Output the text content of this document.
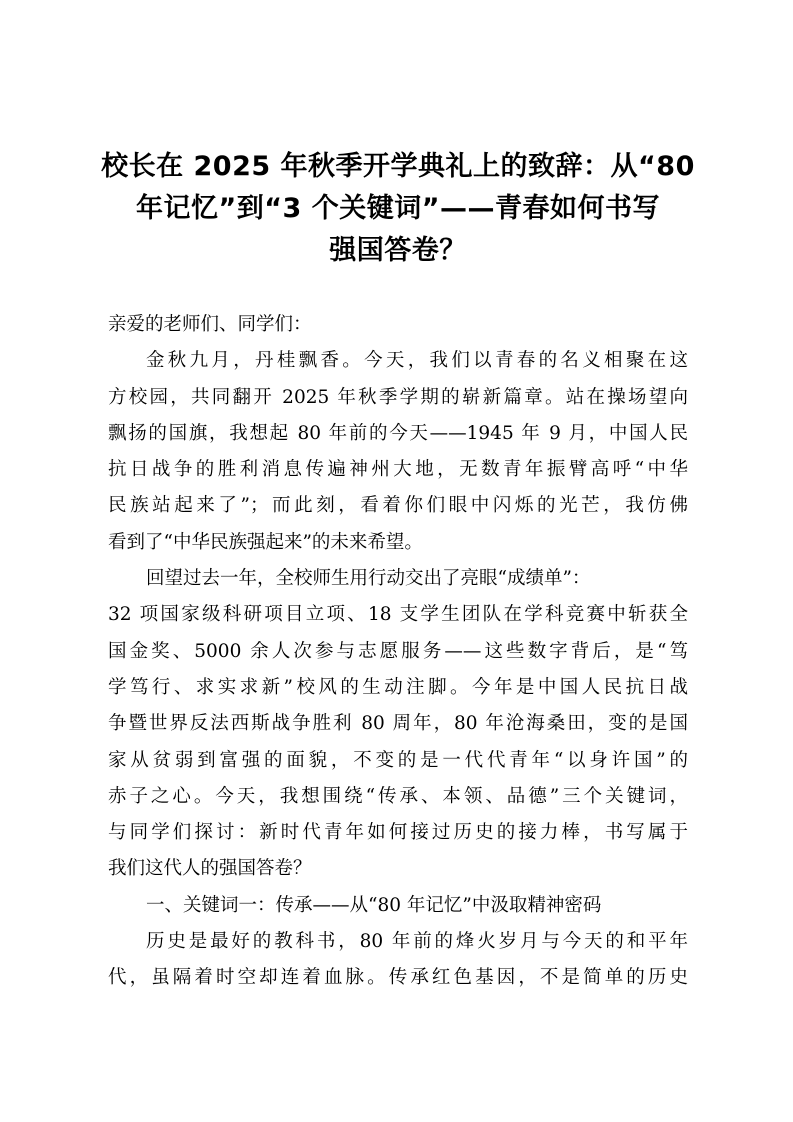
校长在 2025 年秋季开学典礼上的致辞：从“80
年记忆”到“3 个关键词”——青春如何书写
强国答卷？
亲爱的老师们、同学们：
金秋九月，丹桂飘香。今天，我们以青春的名义相聚在这
方校园，共同翻开 2025 年秋季学期的崭新篇章。站在操场望向
飘扬的国旗，我想起 80 年前的今天——1945 年 9 月，中国人民
抗日战争的胜利消息传遍神州大地，无数青年振臂高呼“中华
民族站起来了”；而此刻，看着你们眼中闪烁的光芒，我仿佛
看到了“中华民族强起来”的未来希望。
回望过去一年，全校师生用行动交出了亮眼“成绩单”：
32 项国家级科研项目立项、18 支学生团队在学科竞赛中斩获全
国金奖、5000 余人次参与志愿服务——这些数字背后，是“笃
学笃行、求实求新”校风的生动注脚。今年是中国人民抗日战
争暨世界反法西斯战争胜利 80 周年，80 年沧海桑田，变的是国
家从贫弱到富强的面貌，不变的是一代代青年“以身许国”的
赤子之心。今天，我想围绕“传承、本领、品德”三个关键词，
与同学们探讨：新时代青年如何接过历史的接力棒，书写属于
我们这代人的强国答卷？
一、关键词一：传承——从“80 年记忆”中汲取精神密码
历史是最好的教科书，80 年前的烽火岁月与今天的和平年
代，虽隔着时空却连着血脉。传承红色基因，不是简单的历史
